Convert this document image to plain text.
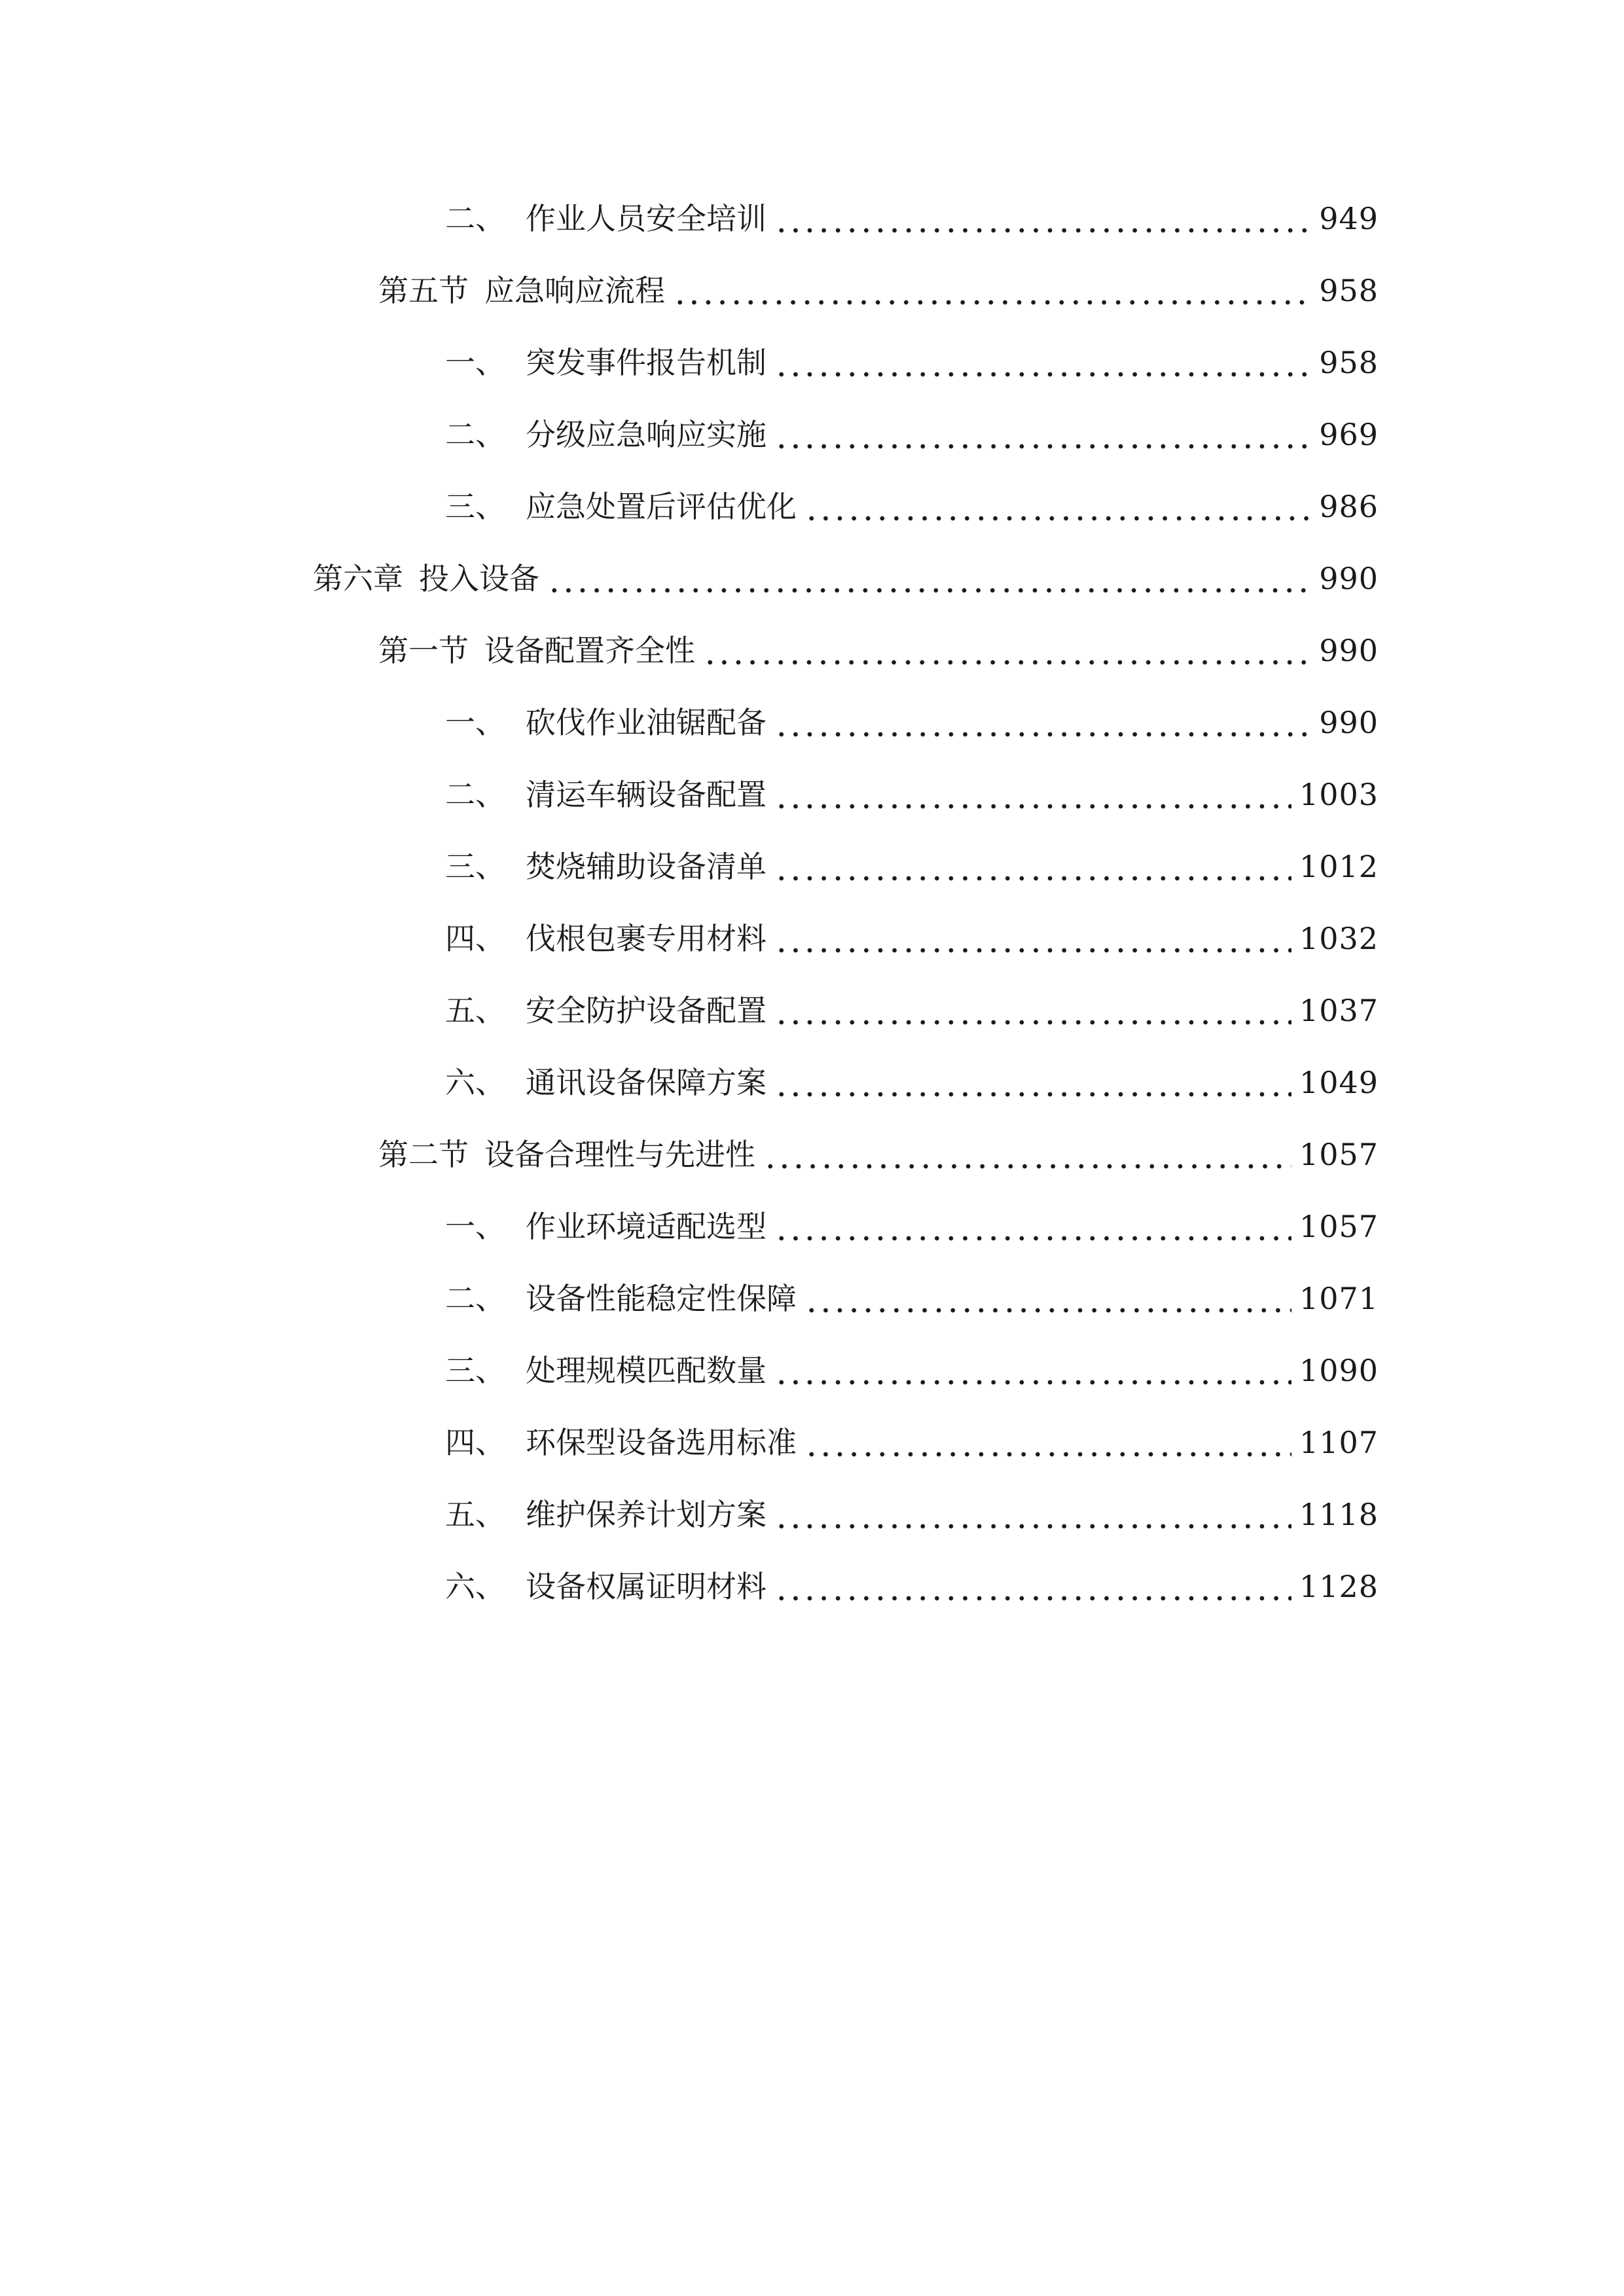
二、 作业人员安全培训	949
第五节 应急响应流程	958
一、 突发事件报告机制	958
二、 分级应急响应实施	969
三、 应急处置后评估优化	986
第六章 投入设备	990
第一节 设备配置齐全性	990
一、 砍伐作业油锯配备	990
二、 清运车辆设备配置	1003
三、 焚烧辅助设备清单	1012
四、 伐根包裹专用材料	1032
五、 安全防护设备配置	1037
六、 通讯设备保障方案	1049
第二节 设备合理性与先进性	1057
一、 作业环境适配选型	1057
二、 设备性能稳定性保障	1071
三、 处理规模匹配数量	1090
四、 环保型设备选用标准	1107
五、 维护保养计划方案	1118
六、 设备权属证明材料	1128
